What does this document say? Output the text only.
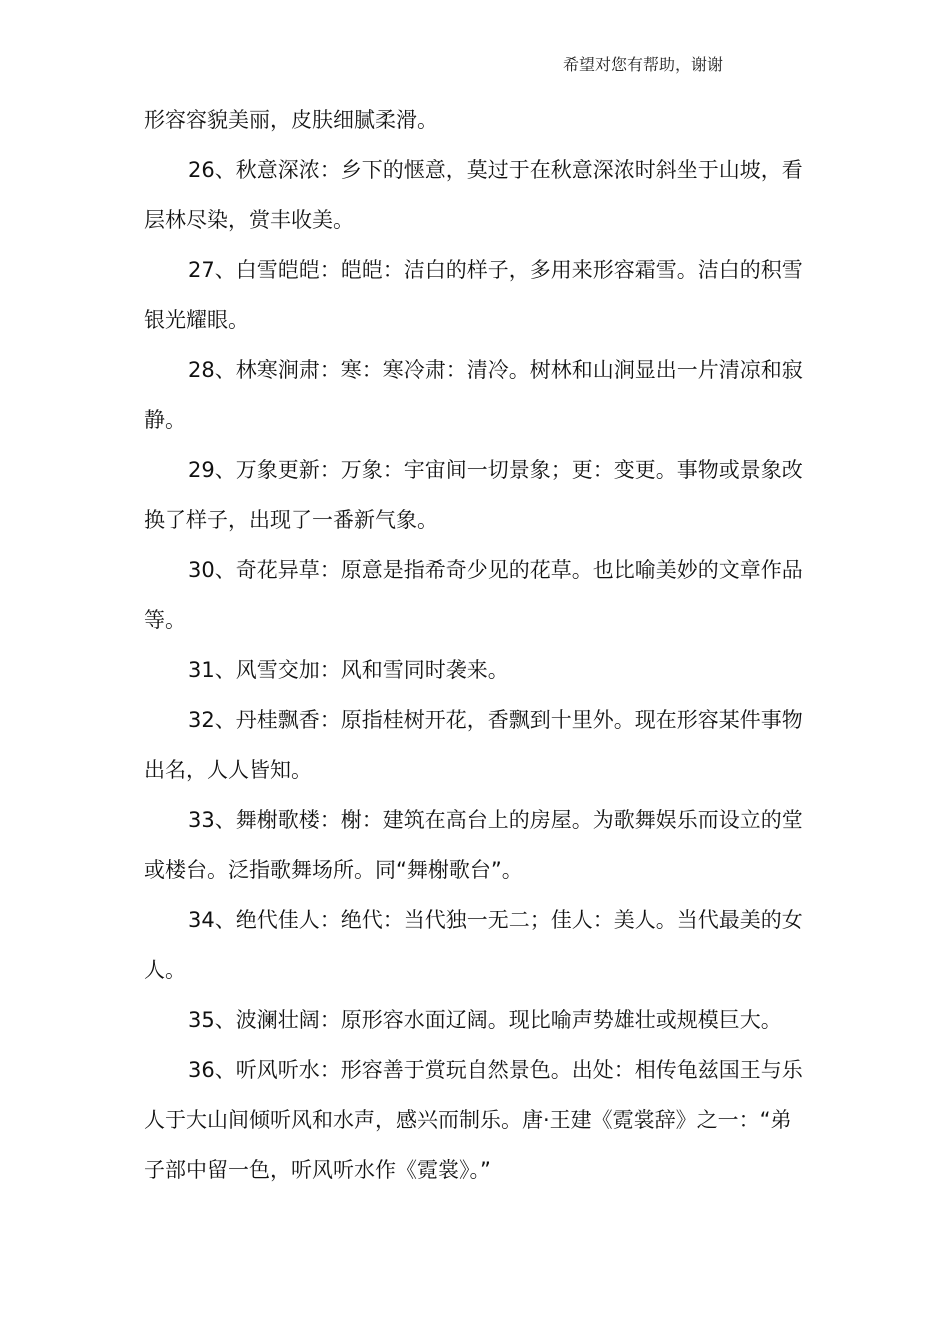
希望对您有帮助，谢谢

形容容貌美丽，皮肤细腻柔滑。

26、秋意深浓：乡下的惬意，莫过于在秋意深浓时斜坐于山坡，看层林尽染，赏丰收美。

27、白雪皑皑：皑皑：洁白的样子，多用来形容霜雪。洁白的积雪银光耀眼。

28、林寒涧肃：寒：寒冷肃：清冷。树林和山涧显出一片清凉和寂静。

29、万象更新：万象：宇宙间一切景象；更：变更。事物或景象改换了样子，出现了一番新气象。

30、奇花异草：原意是指希奇少见的花草。也比喻美妙的文章作品等。

31、风雪交加：风和雪同时袭来。

32、丹桂飘香：原指桂树开花，香飘到十里外。现在形容某件事物出名，人人皆知。

33、舞榭歌楼：榭：建筑在高台上的房屋。为歌舞娱乐而设立的堂或楼台。泛指歌舞场所。同“舞榭歌台”。

34、绝代佳人：绝代：当代独一无二；佳人：美人。当代最美的女人。

35、波澜壮阔：原形容水面辽阔。现比喻声势雄壮或规模巨大。

36、听风听水：形容善于赏玩自然景色。出处：相传龟兹国王与乐人于大山间倾听风和水声，感兴而制乐。唐·王建《霓裳辞》之一：“弟子部中留一色，听风听水作《霓裳》。”
